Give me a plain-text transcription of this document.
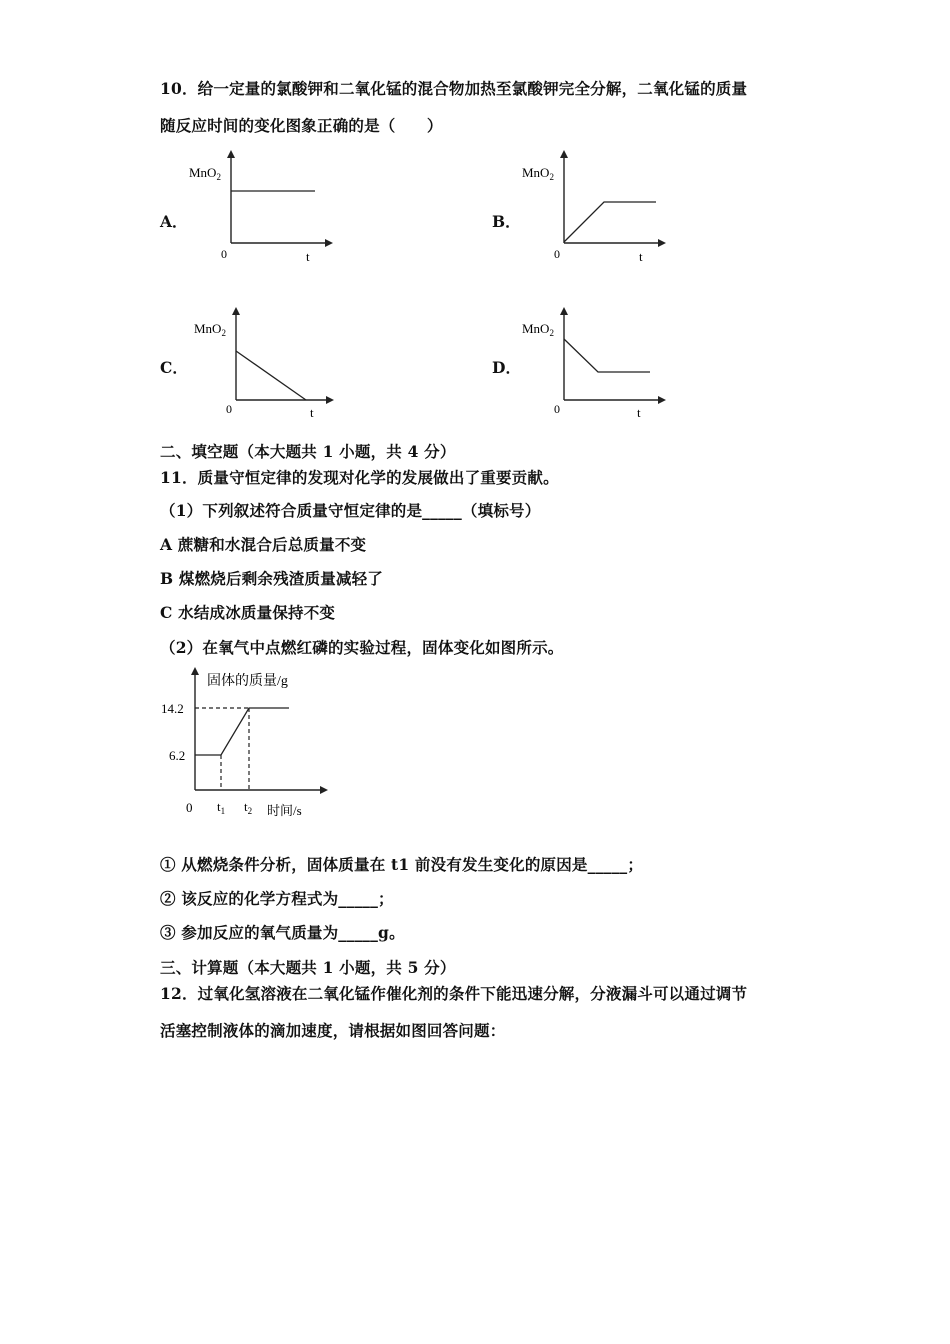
10．给一定量的氯酸钾和二氧化锰的混合物加热至氯酸钾完全分解，二氧化锰的质量
随反应时间的变化图象正确的是（　　）
A．
MnO$_2$
0	t
B．
MnO$_2$
0	t
C．
MnO$_2$
0	t
D．
MnO$_2$
0	t
二、填空题（本大题共 1 小题，共 4 分）
11．质量守恒定律的发现对化学的发展做出了重要贡献。
（1）下列叙述符合质量守恒定律的是_____（填标号）
A 蔗糖和水混合后总质量不变
B 煤燃烧后剩余残渣质量减轻了
C 水结成冰质量保持不变
（2）在氧气中点燃红磷的实验过程，固体变化如图所示。
固体的质量/g
时间/s
0
14.2
6.2
$t_1$ $t_2$
① 从燃烧条件分析，固体质量在 t1 前没有发生变化的原因是_____；
② 该反应的化学方程式为_____；
③ 参加反应的氧气质量为_____g。
三、计算题（本大题共 1 小题，共 5 分）
12．过氧化氢溶液在二氧化锰作催化剂的条件下能迅速分解，分液漏斗可以通过调节
活塞控制液体的滴加速度，请根据如图回答问题：
